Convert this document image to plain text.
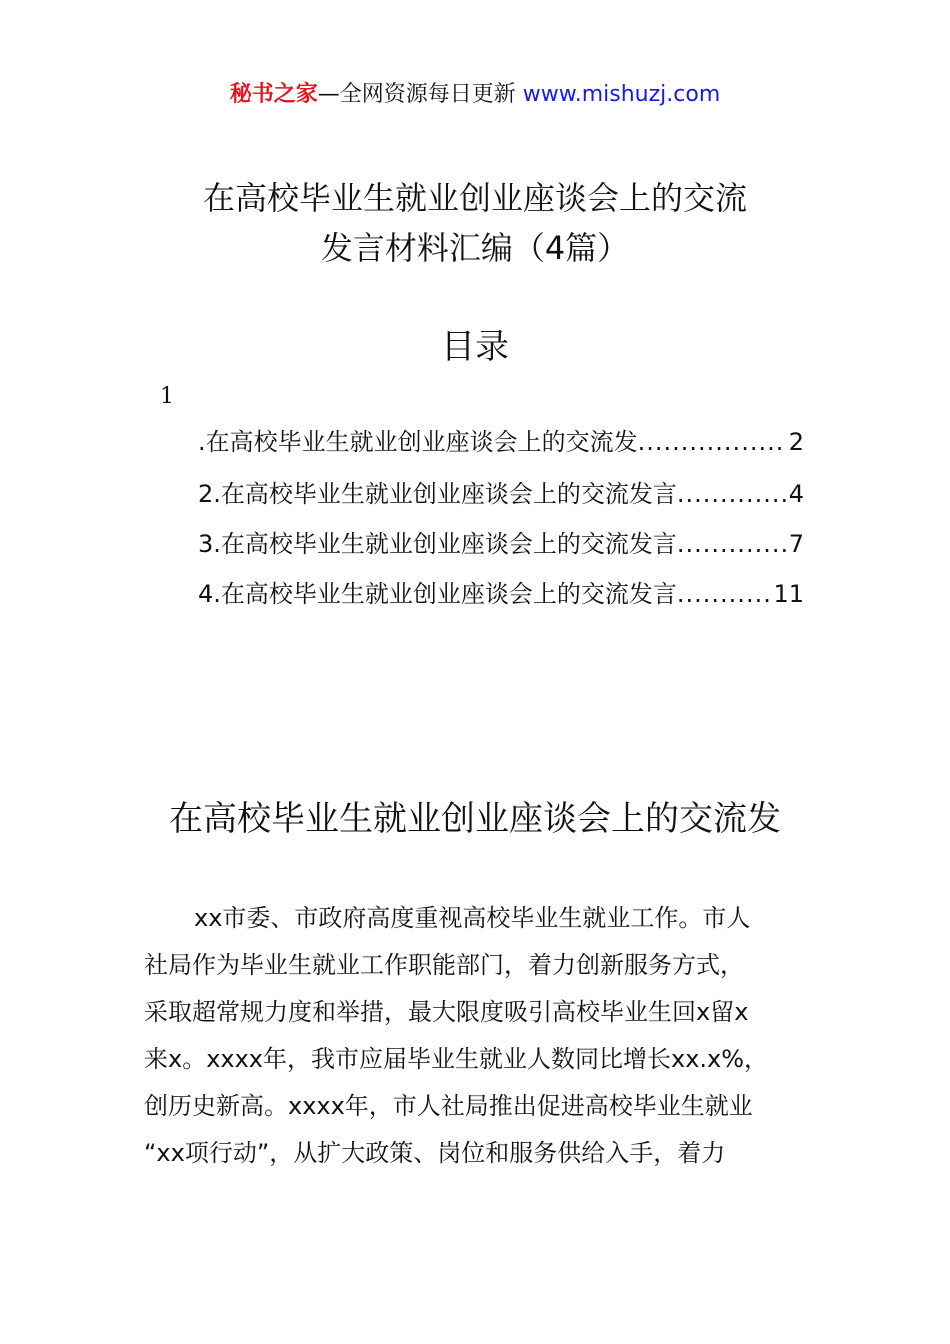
秘书之家—全网资源每日更新 www.mishuzj.com
在高校毕业生就业创业座谈会上的交流
发言材料汇编（4篇）
目录
1
.在高校毕业生就业创业座谈会上的交流发 .....	2
2.在高校毕业生就业创业座谈会上的交流发言 .....	4
3.在高校毕业生就业创业座谈会上的交流发言 .....	7
4.在高校毕业生就业创业座谈会上的交流发言 .....	11
在高校毕业生就业创业座谈会上的交流发
xx市委、市政府高度重视高校毕业生就业工作。市人
社局作为毕业生就业工作职能部门，着力创新服务方式，
采取超常规力度和举措，最大限度吸引高校毕业生回x留x
来x。xxxx年，我市应届毕业生就业人数同比增长xx.x%，
创历史新高。xxxx年，市人社局推出促进高校毕业生就业
“xx项行动”，从扩大政策、岗位和服务供给入手，着力
